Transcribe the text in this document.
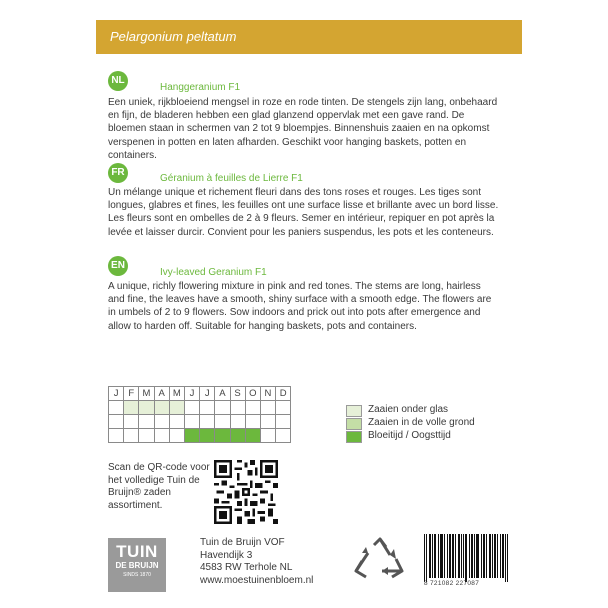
Pelargonium peltatum
NL
Hanggeranium F1
Een uniek, rijkbloeiend mengsel in roze en rode tinten. De stengels zijn lang, onbehaard en fijn, de bladeren hebben een glad glanzend oppervlak met een gave rand. De bloemen staan in schermen van 2 tot 9 bloempjes. Binnenshuis zaaien en na opkomst verspenen in potten en laten afharden. Geschikt voor hanging baskets, potten en containers.
FR
Géranium à feuilles de Lierre F1
Un mélange unique et richement fleuri dans des tons roses et rouges. Les tiges sont longues, glabres et fines, les feuilles ont une surface lisse et brillante avec un bord lisse. Les fleurs sont en ombelles de 2 à 9 fleurs. Semer en intérieur, repiquer en pot après la levée et laisser durcir. Convient pour les paniers suspendus, les pots et les conteneurs.
EN
Ivy-leaved Geranium F1
A unique, richly flowering mixture in pink and red tones. The stems are long, hairless and fine, the leaves have a smooth, shiny surface with a smooth edge. The flowers are in umbels of 2 to 9 flowers. Sow indoors and prick out into pots after emergence and allow to harden off. Suitable for hanging baskets, pots and containers.
J	F	M	A	M	J	J	A	S	O	N	D

Zaaien onder glas
Zaaien in de volle grond
Bloeitijd / Oogsttijd
Scan de QR-code voor het volledige Tuin de Bruijn® zaden assortiment.
TUIN
DE BRUIJN
SINDS 1870
Tuin de Bruijn VOF
Havendijk 3
4583 RW Terhole NL
www.moestuinenbloem.nl	8 721082 227087
